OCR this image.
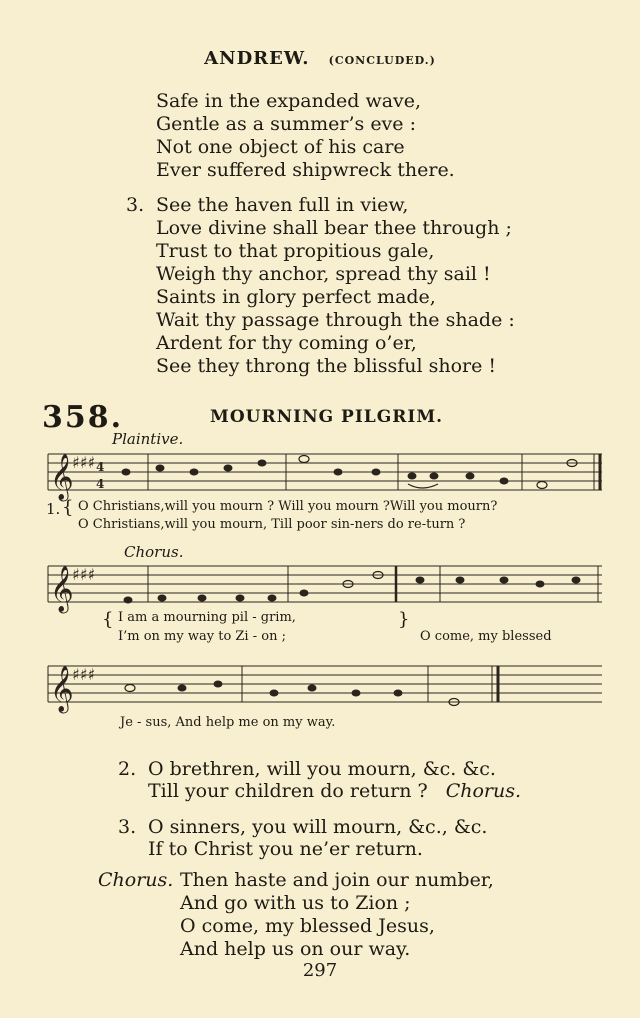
ANDREW. (CONCLUDED.)
Safe in the expanded wave,
Gentle as a summer’s eve :
Not one object of his care
Ever suffered shipwreck there.
3. See the haven full in view,
Love divine shall bear thee through ;
Trust to that propitious gale,
Weigh thy anchor, spread thy sail !
Saints in glory perfect made,
Wait thy passage through the shade :
Ardent for thy coming o’er,
See they throng the blissful shore !
358.	MOURNING PILGRIM.
Plaintive.
𝄞
♯♯♯ 4
4
1. { O Christians,will you mourn ? Will you mourn ?Will you mourn?
O Christians,will you mourn, Till poor sin-ners do re-turn ?
Chorus.
𝄞
♯♯♯
{ I am a mourning pil - grim,
I’m on my way to Zi - on ;
}
O come, my blessed
𝄞
♯♯♯
Je - sus, And help me on my way.
2. O brethren, will you mourn, &c. &c.
Till your children do return ? Chorus.
3. O sinners, you will mourn, &c., &c.
If to Christ you ne’er return.
Chorus. Then haste and join our number,
And go with us to Zion ;
O come, my blessed Jesus,
And help us on our way.
297
